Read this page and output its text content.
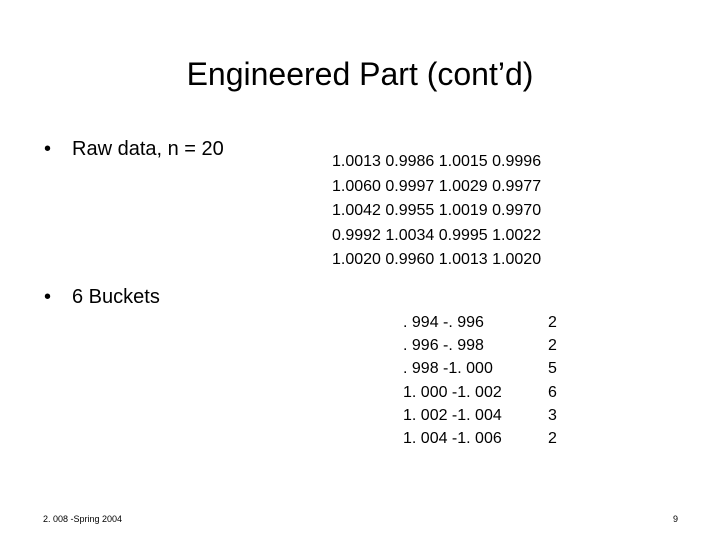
Engineered Part (cont’d)
• Raw data, n = 20
1.0013 0.9986 1.0015 0.9996
1.0060 0.9997 1.0029 0.9977
1.0042 0.9955 1.0019 0.9970
0.9992 1.0034 0.9995 1.0022
1.0020 0.9960 1.0013 1.0020
• 6 Buckets
. 994 -. 996	2
. 996 -. 998	2
. 998 -1. 000	5
1. 000 -1. 002	6
1. 002 -1. 004	3
1. 004 -1. 006	2
2. 008 -Spring 2004	9
